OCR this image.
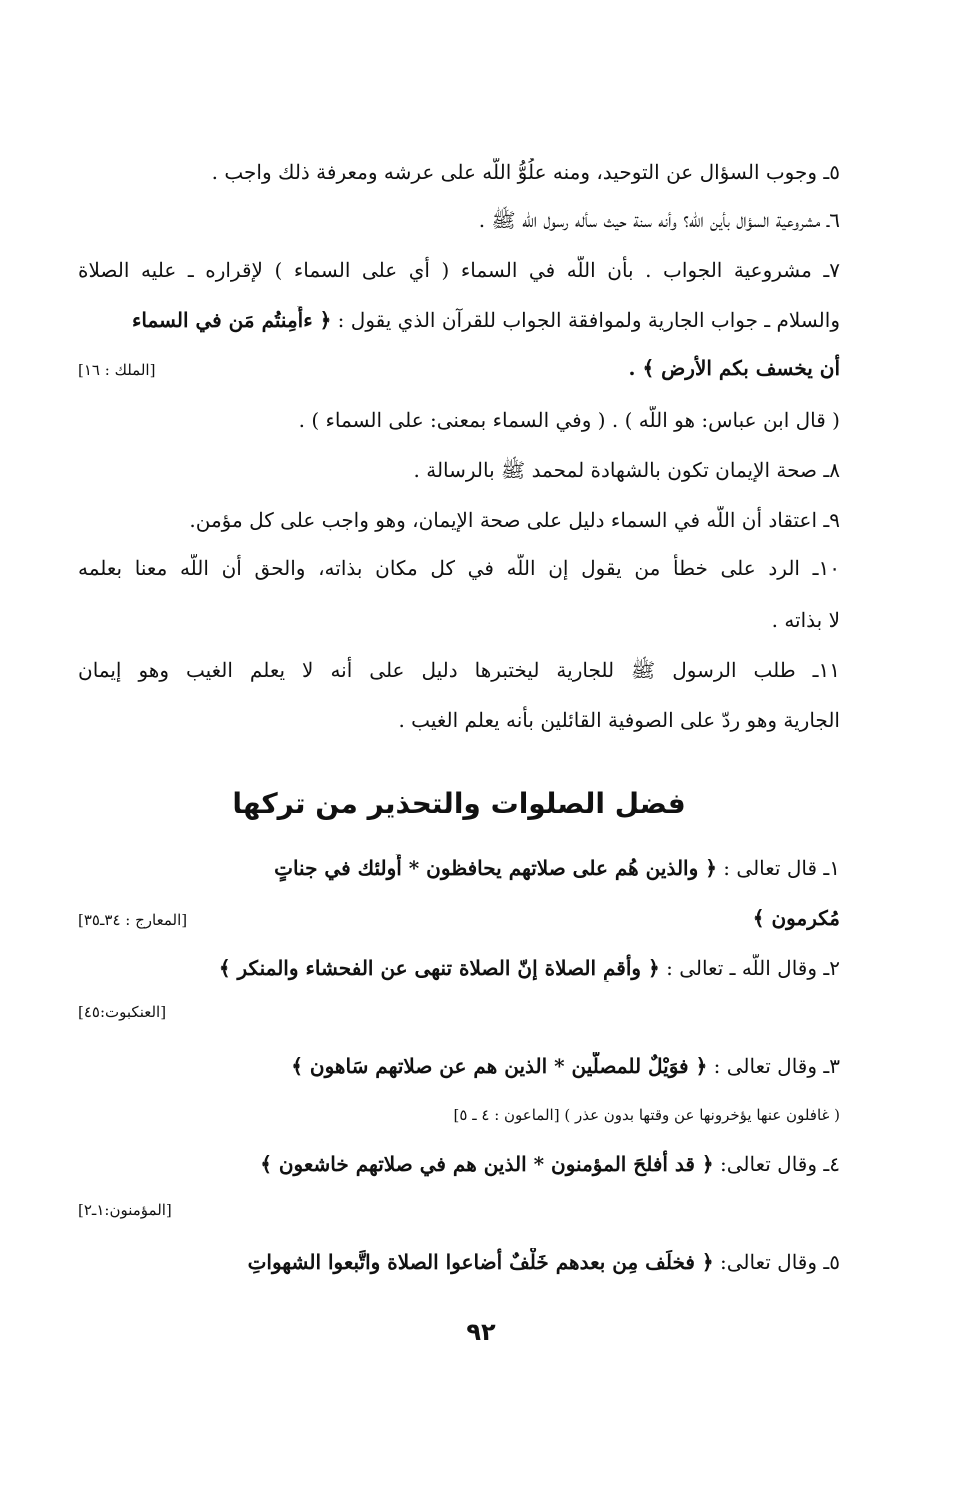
٥ـ وجوب السؤال عن التوحيد، ومنه علُوُّ اللّه على عرشه ومعرفة ذلك واجب .

٦ـ مشروعية السؤال بأين اللّه؟ وأنه سنة حيث سأله رسول اللّه ﷺ .

٧ـ مشروعية الجواب . بأن اللّه في السماء ( أي على السماء ) لإقراره ـ عليه الصلاة

والسلام ـ جواب الجارية ولموافقة الجواب للقرآن الذي يقول : ﴿ ءأَمِنتُم مَن في السماء

أن يخسف بكم الأرض ﴾ .
[الملك : ١٦]

( قال ابن عباس: هو اللّه ) . ( وفي السماء بمعنى: على السماء ) .

٨ـ صحة الإيمان تكون بالشهادة لمحمد ﷺ بالرسالة .

٩ـ اعتقاد أن اللّه في السماء دليل على صحة الإيمان، وهو واجب على كل مؤمن.

١٠ـ الرد على خطأ من يقول إن اللّه في كل مكان بذاته، والحق أن اللّه معنا بعلمه

لا بذاته .

١١ـ طلب الرسول ﷺ للجارية ليختبرها دليل على أنه لا يعلم الغيب وهو إيمان

الجارية وهو ردّ على الصوفية القائلين بأنه يعلم الغيب .

فضل الصلوات والتحذير من تركها

١ـ قال تعالى : ﴿ والذين هُم على صلاتهم يحافظون * أُولئك في جناتٍ

مُكرمون ﴾
[المعارج : ٣٤ـ٣٥]

٢ـ وقال اللّه ـ تعالى : ﴿ وأقمِ الصلاة إنّ الصلاة تنهى عن الفحشاء والمنكر ﴾

[العنكبوت:٤٥]

٣ـ وقال تعالى : ﴿ فوَيْلٌ للمصلّين * الذين هم عن صلاتهم سَاهون ﴾

( غافلون عنها يؤخرونها عن وقتها بدون عذر ) [الماعون : ٤ ـ ٥]

٤ـ وقال تعالى: ﴿ قد أفلحَ المؤمنون * الذين هم في صلاتهم خاشعون ﴾

[المؤمنون:١ـ٢]

٥ـ وقال تعالى: ﴿ فخلَف مِن بعدهم خَلْفٌ أضاعوا الصلاة واتَّبعوا الشهواتِ

٩٢
